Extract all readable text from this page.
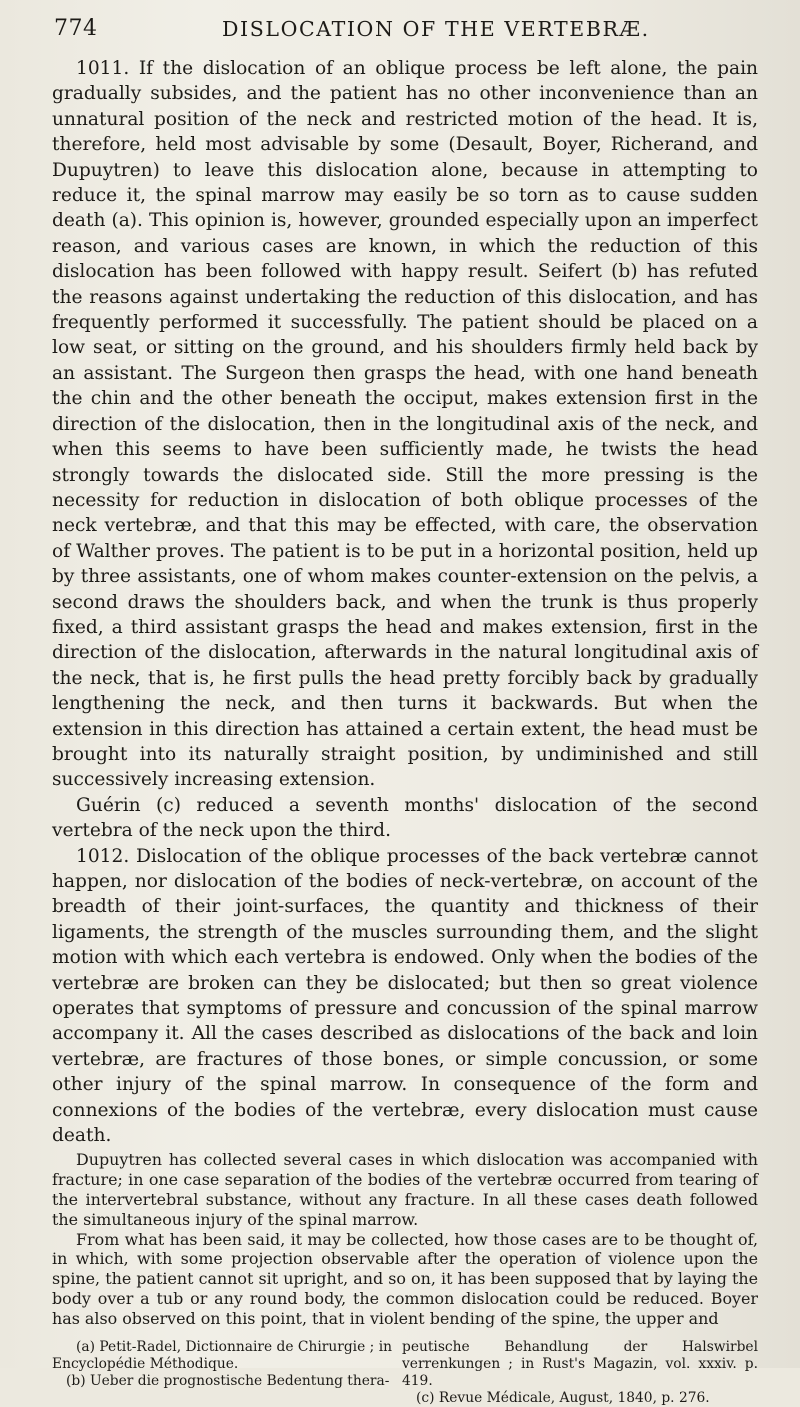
774	DISLOCATION OF THE VERTEBRÆ.

1011. If the dislocation of an oblique process be left alone, the pain gradually subsides, and the patient has no other inconvenience than an unnatural position of the neck and restricted motion of the head. It is, therefore, held most advisable by some (Desault, Boyer, Richerand, and Dupuytren) to leave this dislocation alone, because in attempting to reduce it, the spinal marrow may easily be so torn as to cause sudden death (a). This opinion is, however, grounded especially upon an imperfect reason, and various cases are known, in which the reduction of this dislocation has been followed with happy result. Seifert (b) has refuted the reasons against undertaking the reduction of this dislocation, and has frequently performed it successfully. The patient should be placed on a low seat, or sitting on the ground, and his shoulders firmly held back by an assistant. The Surgeon then grasps the head, with one hand beneath the chin and the other beneath the occiput, makes extension first in the direction of the dislocation, then in the longitudinal axis of the neck, and when this seems to have been sufficiently made, he twists the head strongly towards the dislocated side. Still the more pressing is the necessity for reduction in dislocation of both oblique processes of the neck vertebræ, and that this may be effected, with care, the observation of Walther proves. The patient is to be put in a horizontal position, held up by three assistants, one of whom makes counter-extension on the pelvis, a second draws the shoulders back, and when the trunk is thus properly fixed, a third assistant grasps the head and makes extension, first in the direction of the dislocation, afterwards in the natural longitudinal axis of the neck, that is, he first pulls the head pretty forcibly back by gradually lengthening the neck, and then turns it backwards. But when the extension in this direction has attained a certain extent, the head must be brought into its naturally straight position, by undiminished and still successively increasing extension.

Guérin (c) reduced a seventh months' dislocation of the second vertebra of the neck upon the third.

1012. Dislocation of the oblique processes of the back vertebræ cannot happen, nor dislocation of the bodies of neck-vertebræ, on account of the breadth of their joint-surfaces, the quantity and thickness of their ligaments, the strength of the muscles surrounding them, and the slight motion with which each vertebra is endowed. Only when the bodies of the vertebræ are broken can they be dislocated; but then so great violence operates that symptoms of pressure and concussion of the spinal marrow accompany it. All the cases described as dislocations of the back and loin vertebræ, are fractures of those bones, or simple concussion, or some other injury of the spinal marrow. In consequence of the form and connexions of the bodies of the vertebræ, every dislocation must cause death.

Dupuytren has collected several cases in which dislocation was accompanied with fracture; in one case separation of the bodies of the vertebræ occurred from tearing of the intervertebral substance, without any fracture. In all these cases death followed the simultaneous injury of the spinal marrow.

From what has been said, it may be collected, how those cases are to be thought of, in which, with some projection observable after the operation of violence upon the spine, the patient cannot sit upright, and so on, it has been supposed that by laying the body over a tub or any round body, the common dislocation could be reduced. Boyer has also observed on this point, that in violent bending of the spine, the upper and

(a) Petit-Radel, Dictionnaire de Chirurgie ; in Encyclopédie Méthodique.
(b) Ueber die prognostische Bedentung thera-
peutische Behandlung der Halswirbel verrenkungen ; in Rust's Magazin, vol. xxxiv. p. 419.
(c) Revue Médicale, August, 1840, p. 276.
